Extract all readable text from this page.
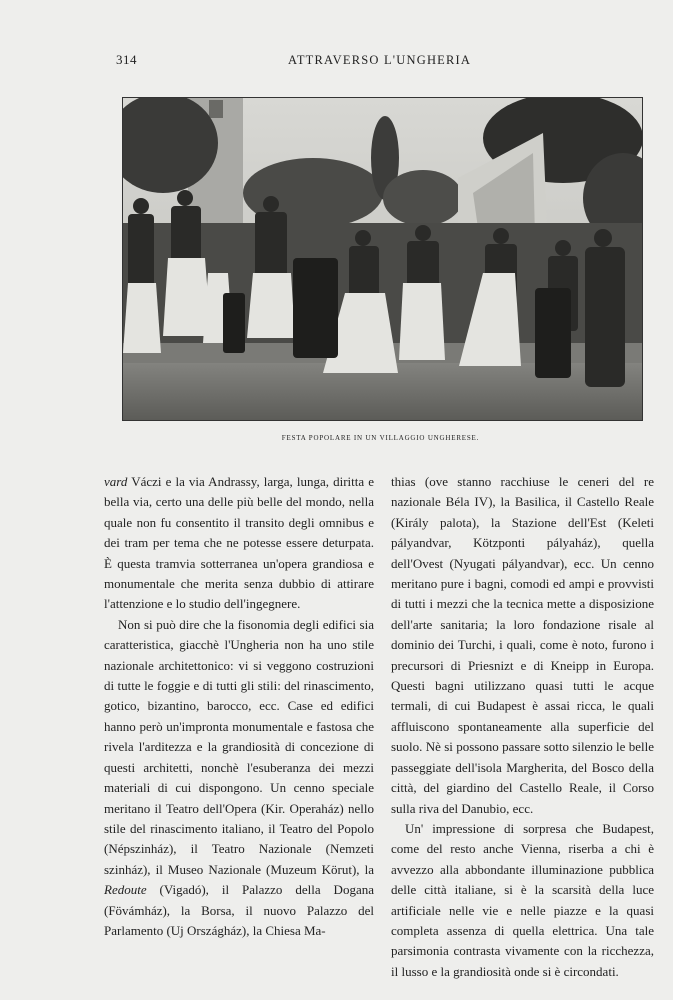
314	ATTRAVERSO L'UNGHERIA
FESTA POPOLARE IN UN VILLAGGIO UNGHERESE.

vard Váczi e la via Andrassy, larga, lunga, diritta e bella via, certo una delle più belle del mondo, nella quale non fu consentito il transito degli omnibus e dei tram per tema che ne potesse essere deturpata. È questa tramvia sotterranea un'opera grandiosa e monumentale che merita senza dubbio di attirare l'attenzione e lo studio dell'ingegnere.

Non si può dire che la fisonomia degli edifici sia caratteristica, giacchè l'Ungheria non ha uno stile nazionale architettonico: vi si veggono costruzioni di tutte le foggie e di tutti gli stili: del rinascimento, gotico, bizantino, barocco, ecc. Case ed edifici hanno però un'impronta monumentale e fastosa che rivela l'arditezza e la grandiosità di concezione di questi architetti, nonchè l'esuberanza dei mezzi materiali di cui dispongono. Un cenno speciale meritano il Teatro dell'Opera (Kir. Operaház) nello stile del rinascimento italiano, il Teatro del Popolo (Népszinház), il Teatro Nazionale (Nemzeti szinház), il Museo Nazionale (Muzeum Körut), la Redoute (Vigadó), il Palazzo della Dogana (Fövámház), la Borsa, il nuovo Palazzo del Parlamento (Uj Országház), la Chiesa Ma-

thias (ove stanno racchiuse le ceneri del re nazionale Béla IV), la Basilica, il Castello Reale (Király palota), la Stazione dell'Est (Keleti pályandvar, Kötzponti pályaház), quella dell'Ovest (Nyugati pályandvar), ecc. Un cenno meritano pure i bagni, comodi ed ampi e provvisti di tutti i mezzi che la tecnica mette a disposizione dell'arte sanitaria; la loro fondazione risale al dominio dei Turchi, i quali, come è noto, furono i precursori di Priesnizt e di Kneipp in Europa. Questi bagni utilizzano quasi tutti le acque termali, di cui Budapest è assai ricca, le quali affluiscono spontaneamente alla superficie del suolo. Nè si possono passare sotto silenzio le belle passeggiate dell'isola Margherita, del Bosco della città, del giardino del Castello Reale, il Corso sulla riva del Danubio, ecc.

Un' impressione di sorpresa che Budapest, come del resto anche Vienna, riserba a chi è avvezzo alla abbondante illuminazione pubblica delle città italiane, si è la scarsità della luce artificiale nelle vie e nelle piazze e la quasi completa assenza di quella elettrica. Una tale parsimonia contrasta vivamente con la ricchezza, il lusso e la grandiosità onde si è circondati.
